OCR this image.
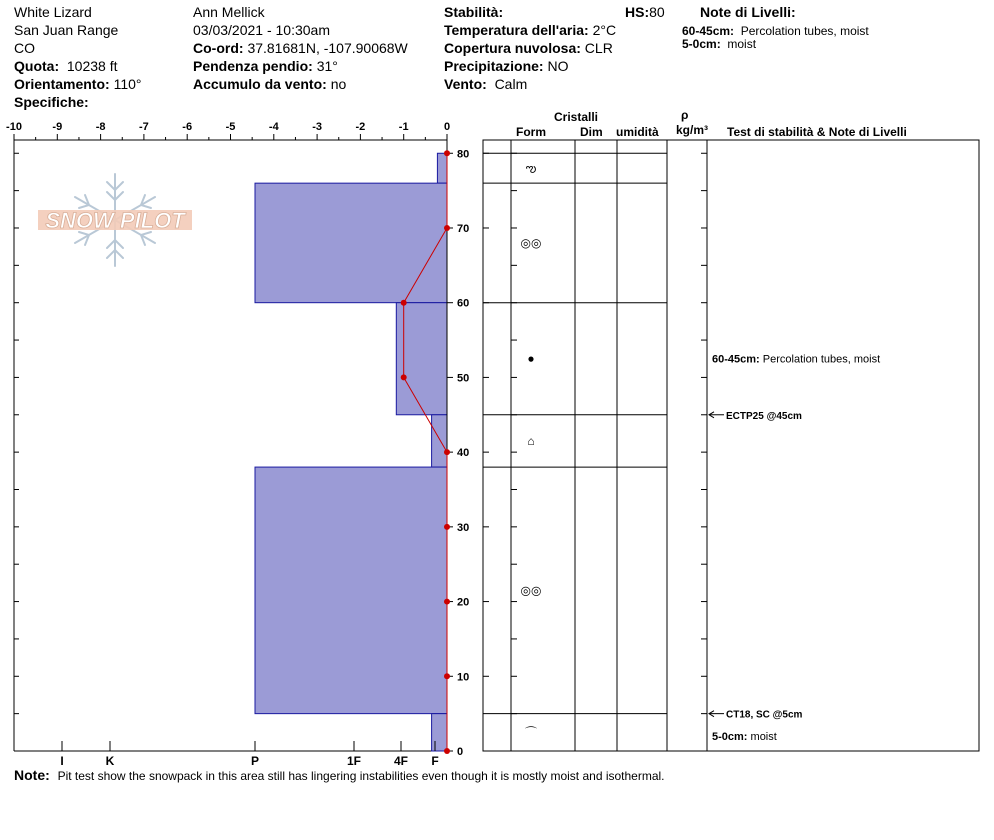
White Lizard
San Juan Range
CO
Quota: 10238 ft
Orientamento: 110°
Specifiche:
Ann Mellick
03/03/2021 - 10:30am
Co-ord: 37.81681N, -107.90068W
Pendenza pendio: 31°
Accumulo da vento: no
Stabilità:	HS:80
Temperatura dell'aria: 2°C
Copertura nuvolosa: CLR
Precipitazione: NO
Vento: Calm
Note di Livelli:
60-45cm: Percolation tubes, moist
5-0cm: moist
Cristalli
Form	Dim umidità
ρ
kg/m³ Test di stabilità & Note di Livelli
SNOW PILOT
-10	-9	-8	-7	-6	-5	-4	-3	-2	-1	0
0
10
20
30
40
50
60
70
80
I	K	P	1F	4F F
ఌ
◎◎
●
⌂
◎◎
⌒
ECTP25 @45cm
CT18, SC @5cm
60-45cm: Percolation tubes, moist
5-0cm: moist
Note: Pit test show the snowpack in this area still has lingering instabilities even though it is mostly moist and isothermal.
